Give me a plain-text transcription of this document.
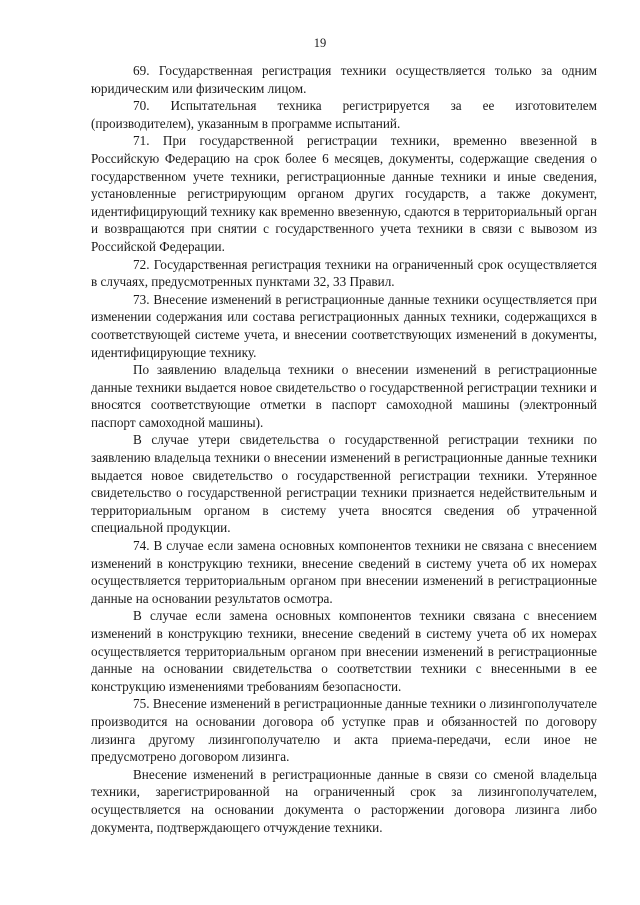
19

69. Государственная регистрация техники осуществляется только за одним юридическим или физическим лицом.

70. Испытательная техника регистрируется за ее изготовителем (производителем), указанным в программе испытаний.

71. При государственной регистрации техники, временно ввезенной в Российскую Федерацию на срок более 6 месяцев, документы, содержащие сведения о государственном учете техники, регистрационные данные техники и иные сведения, установленные регистрирующим органом других государств, а также документ, идентифицирующий технику как временно ввезенную, сдаются в территориальный орган и возвращаются при снятии с государственного учета техники в связи с вывозом из Российской Федерации.

72. Государственная регистрация техники на ограниченный срок осуществляется в случаях, предусмотренных пунктами 32, 33 Правил.

73. Внесение изменений в регистрационные данные техники осуществляется при изменении содержания или состава регистрационных данных техники, содержащихся в соответствующей системе учета, и внесении соответствующих изменений в документы, идентифицирующие технику.

По заявлению владельца техники о внесении изменений в регистрационные данные техники выдается новое свидетельство о государственной регистрации техники и вносятся соответствующие отметки в паспорт самоходной машины (электронный паспорт самоходной машины).

В случае утери свидетельства о государственной регистрации техники по заявлению владельца техники о внесении изменений в регистрационные данные техники выдается новое свидетельство о государственной регистрации техники. Утерянное свидетельство о государственной регистрации техники признается недействительным и территориальным органом в систему учета вносятся сведения об утраченной специальной продукции.

74. В случае если замена основных компонентов техники не связана с внесением изменений в конструкцию техники, внесение сведений в систему учета об их номерах осуществляется территориальным органом при внесении изменений в регистрационные данные на основании результатов осмотра.

В случае если замена основных компонентов техники связана с внесением изменений в конструкцию техники, внесение сведений в систему учета об их номерах осуществляется территориальным органом при внесении изменений в регистрационные данные на основании свидетельства о соответствии техники с внесенными в ее конструкцию изменениями требованиям безопасности.

75. Внесение изменений в регистрационные данные техники о лизингополучателе производится на основании договора об уступке прав и обязанностей по договору лизинга другому лизингополучателю и акта приема-передачи, если иное не предусмотрено договором лизинга.

Внесение изменений в регистрационные данные в связи со сменой владельца техники, зарегистрированной на ограниченный срок за лизингополучателем, осуществляется на основании документа о расторжении договора лизинга либо документа, подтверждающего отчуждение техники.
